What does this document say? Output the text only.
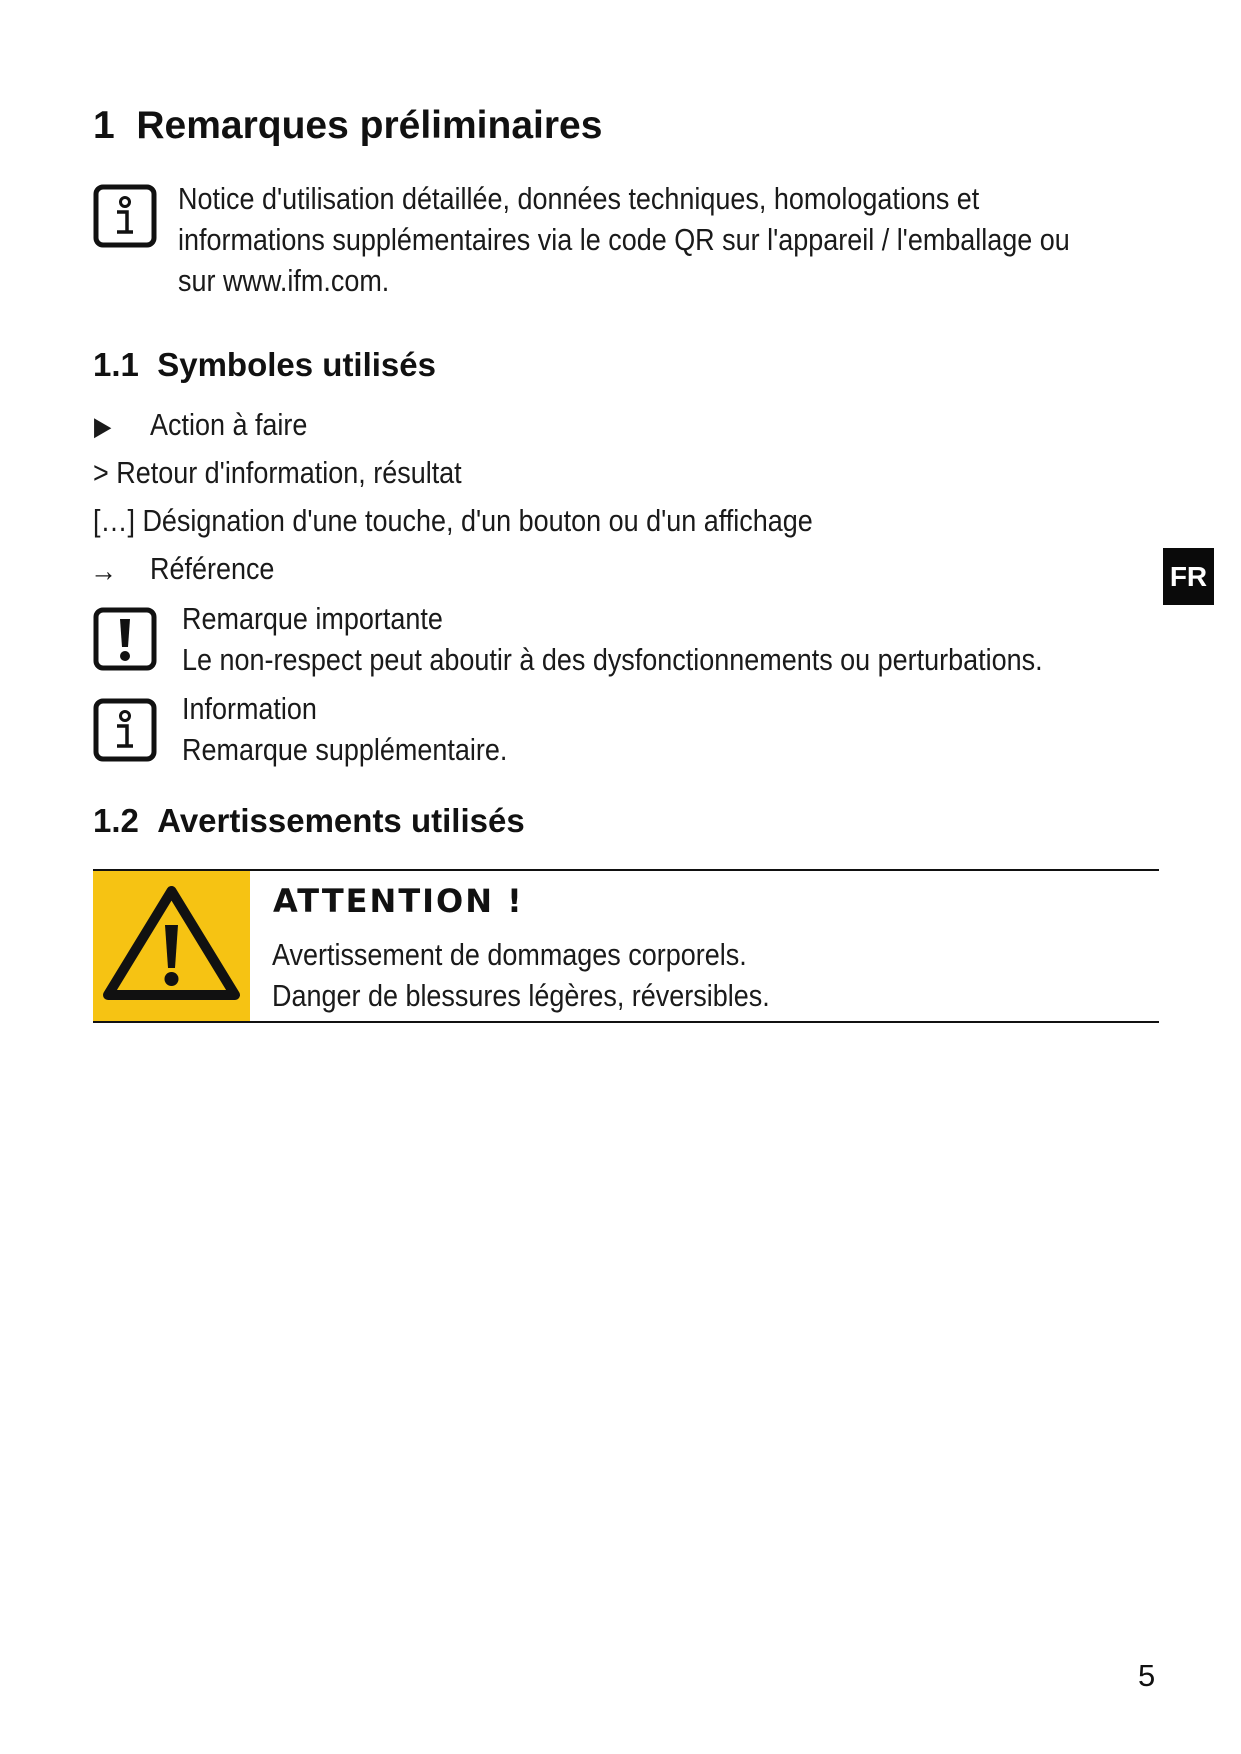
1 Remarques préliminaires
Notice d'utilisation détaillée, données techniques, homologations et
informations supplémentaires via le code QR sur l'appareil / l'emballage ou
sur www.ifm.com.
1.1 Symboles utilisés
▶ Action à faire
> Retour d'information, résultat
[…] Désignation d'une touche, d'un bouton ou d'un affichage
→ Référence
Remarque importante
Le non-respect peut aboutir à des dysfonctionnements ou perturbations.
Information
Remarque supplémentaire.
1.2 Avertissements utilisés
ATTENTION !
Avertissement de dommages corporels.
Danger de blessures légères, réversibles.
FR
5
